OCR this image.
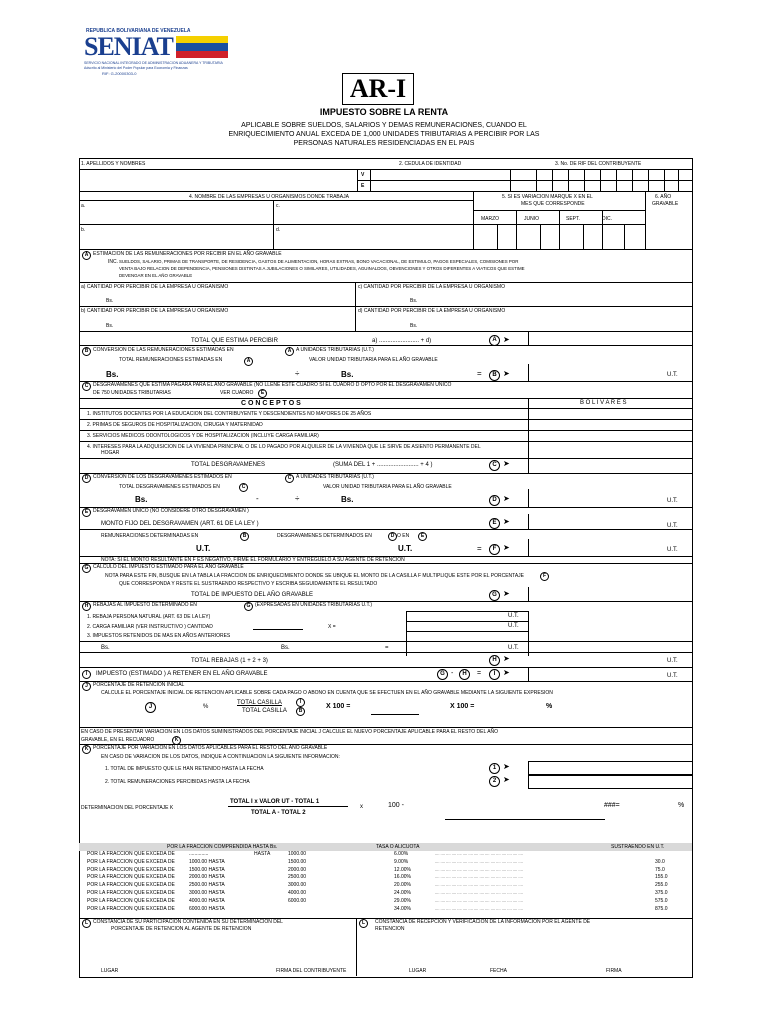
REPUBLICA BOLIVARIANA DE VENEZUELA
SENIAT
SERVICIO NACIONAL INTEGRADO DE ADMINISTRACION ADUANERA Y TRIBUTARIA
Adscrito al Ministerio del Poder Popular para Economia y Finanzas
RIF: G-20000303-0
AR-I
IMPUESTO SOBRE LA RENTA
APLICABLE SOBRE SUELDOS, SALARIOS Y DEMAS REMUNERACIONES, CUANDO EL
ENRIQUECIMIENTO ANUAL EXCEDA DE 1,000 UNIDADES TRIBUTARIAS A PERCIBIR POR LAS
PERSONAS NATURALES RESIDENCIADAS EN EL PAIS
1. APELLIDOS Y NOMBRES	2. CEDULA DE IDENTIDAD	3. No. DE RIF DEL CONTRIBUYENTE
V
E
4. NOMBRE DE LAS EMPRESAS U ORGANISMOS DONDE TRABAJA	5. SI ES VARIACION MARQUE X EN EL
MES QUE CORRESPONDE
6. AÑO
GRAVABLE
a.	c.
b.	d.
MARZO	JUNIO	SEPT.	DIC.
A ESTIMACION DE LAS REMUNERACIONES POR RECIBIR EN EL AÑO GRAVABLE
INC. SUELDOS, SALARIO, PRIMAS DE TRANSPORTE, DE RESIDENCIA, GASTOS DE ALIMENTACION, HORAS EXTRAS, BONO VACACIONAL, DE ESTIMULO, PAGOS ESPECIALES, COMISIONES POR
VENTA BAJO RELACION DE DEPENDENCIA, PENSIONES DISTINTAS A JUBILACIONES O SIMILARES, UTILIDADES, AGUINALDOS, OBVENCIONES Y OTROS DIFERENTES A VIATICOS QUE ESTIME
DEVENGAR EN EL AÑO GRAVABLE
a) CANTIDAD POR PERCIBIR DE LA EMPRESA U ORGANISMO	c) CANTIDAD POR PERCIBIR DE LA EMPRESA U ORGANISMO
Bs.	Bs.
b) CANTIDAD POR PERCIBIR DE LA EMPRESA U ORGANISMO	d) CANTIDAD POR PERCIBIR DE LA EMPRESA U ORGANISMO
Bs.	Bs.
TOTAL QUE ESTIMA PERCIBIR	a) ........................ + d)	A ➤
B CONVERSION DE LAS REMUNERACIONES ESTIMADAS EN	A A UNIDADES TRIBUTARIAS (U.T.)
TOTAL REMUNERACIONES ESTIMADAS EN	A	VALOR UNIDAD TRIBUTARIA PARA EL AÑO GRAVABLE
Bs.	÷	Bs.	=	B ➤	U.T.
C DESGRAVAMENES QUE ESTIMA PAGARA PARA EL AÑO GRAVABLE (NO LLENE ESTE CUADRO SI EL CUADRO D OPTO POR EL DESGRAVAMEN UNICO
DE 750 UNIDADES TRIBUTARIAS	VER CUADRO	E
C O N C E P T O S	B O L I V A R E S
1. INSTITUTOS DOCENTES POR LA EDUCACION DEL CONTRIBUYENTE Y DESCENDIENTES NO MAYORES DE 25 AÑOS
2. PRIMAS DE SEGUROS DE HOSPITALIZACION, CIRUGIA Y MATERNIDAD
3. SERVICIOS MEDICOS ODONTOLOGICOS Y DE HOSPITALIZACION (INCLUYE CARGA FAMILIAR)
4. INTERESES PARA LA ADQUISICION DE LA VIVIENDA PRINCIPAL O DE LO PAGADO POR ALQUILER DE LA VIVIENDA QUE LE SIRVE DE ASIENTO PERMANENTE DEL
HOGAR
TOTAL DESGRAVAMENES	(SUMA DEL 1 + ......................... + 4 )	C ➤
D CONVERSION DE LOS DESGRAVAMENES ESTIMADOS EN	C A UNIDADES TRIBUTARIAS (U.T.)
TOTAL DESGRAVAMENES ESTIMADOS EN	C	VALOR UNIDAD TRIBUTARIA PARA EL AÑO GRAVABLE
Bs.	-	÷	Bs.	D ➤	U.T.
E DESGRAVAMEN UNICO (NO CONSIDERE OTRO DESGRAVAMEN )
MONTO FIJO DEL DESGRAVAMEN (ART. 61 DE LA LEY )	E ➤	U.T.
REMUNERACIONES DETERMINADAS EN	B	DESGRAVAMENES DETERMINADOS EN	D O EN	E
U.T.	U.T.	=	F ➤	U.T.
NOTA: SI EL MONTO RESULTANTE EN F ES NEGATIVO, FIRME EL FORMULARIO Y ENTREGUELO A SU AGENTE DE RETENCION
G CALCULO DEL IMPUESTO ESTIMADO PARA EL AÑO GRAVABLE
NOTA PARA ESTE FIN, BUSQUE EN LA TABLA LA FRACCION DE ENRIQUECIMIENTO DONDE SE UBIQUE EL MONTO DE LA CASILLA F MULTIPLIQUE ESTE POR EL PORCENTAJE	F
QUE CORRESPONDA Y RESTE EL SUSTRAENDO RESPECTIVO Y ESCRIBA SEGUIDAMENTE EL RESULTADO
TOTAL DE IMPUESTO DEL AÑO GRAVABLE	G ➤
H REBAJAS AL IMPUESTO DETERMINADO EN	G (EXPRESADAS EN UNIDADES TRIBUTARIAS U.T.)
1. REBAJA PERSONA NATURAL (ART. 63 DE LA LEY)	U.T.
2. CARGA FAMILIAR (VER INSTRUCTIVO ) CANTIDAD	X =	U.T.
3. IMPUESTOS RETENIDOS DE MAS EN AÑOS ANTERIORES
Bs.	Bs.	=	U.T.
TOTAL REBAJAS (1 + 2 + 3)	H ➤	U.T.
I	IMPUESTO (ESTIMADO ) A RETENER EN EL AÑO GRAVABLE	G -	H	=	I ➤	U.T.
J	PORCENTAJE DE RETENCION INICIAL
CALCULE EL PORCENTAJE INICIAL DE RETENCION APLICABLE SOBRE CADA PAGO O ABONO EN CUENTA QUE SE EFECTUEN EN EL AÑO GRAVABLE MEDIANTE LA SIGUIENTE EXPRESION
J	%
TOTAL CASILLA	I
TOTAL CASILLA	B
X 100 =	X 100 =	%
EN CASO DE PRESENTAR VARIACION EN LOS DATOS SUMINISTRADOS DEL PORCENTAJE INICIAL J CALCULE EL NUEVO PORCENTAJE APLICABLE PARA EL RESTO DEL AÑO
GRAVABLE, EN EL RECUADRO	K
K PORCENTAJE POR VARIACION EN LOS DATOS APLICABLES PARA EL RESTO DEL AÑO GRAVABLE
EN CASO DE VARIACION DE LOS DATOS, INDIQUE A CONTINUACION LA SIGUIENTE INFORMACION:
1. TOTAL DE IMPUESTO QUE LE HAN RETENIDO HASTA LA FECHA	1 ➤
2. TOTAL REMUNERACIONES PERCIBIDAS HASTA LA FECHA	2 ➤
DETERMINACION DEL PORCENTAJE K
TOTAL I x VALOR UT - TOTAL 1
TOTAL A - TOTAL 2
x	100 -	###=	%
POR LA FRACCION COMPRENDIDA HASTA Bs.	TASA O ALICUOTA	SUSTRAENDO EN U.T.
POR LA FRACCION QUE EXCEDA DE	..............	HASTA	1000.00	6.00%	.... .... .... .... .... .... .... .... .... .... .... .... .... .... .... ....
POR LA FRACCION QUE EXCEDA DE	1000.00 HASTA	1500.00	9.00%	.... .... .... .... .... .... .... .... .... .... .... .... .... .... .... ....	30.0
POR LA FRACCION QUE EXCEDA DE	1500.00 HASTA	2000.00	12.00%	.... .... .... .... .... .... .... .... .... .... .... .... .... .... .... ....	75.0
POR LA FRACCION QUE EXCEDA DE	2000.00 HASTA	2500.00	16.00%	.... .... .... .... .... .... .... .... .... .... .... .... .... .... .... ....	155.0
POR LA FRACCION QUE EXCEDA DE	2500.00 HASTA	3000.00	20.00%	.... .... .... .... .... .... .... .... .... .... .... .... .... .... .... ....	255.0
POR LA FRACCION QUE EXCEDA DE	3000.00 HASTA	4000.00	24.00%	.... .... .... .... .... .... .... .... .... .... .... .... .... .... .... ....	375.0
POR LA FRACCION QUE EXCEDA DE	4000.00 HASTA	6000.00	29.00%	.... .... .... .... .... .... .... .... .... .... .... .... .... .... .... ....	575.0
POR LA FRACCION QUE EXCEDA DE	6000.00 HASTA	34.00%	.... .... .... .... .... .... .... .... .... .... .... .... .... .... .... ....	875.0
L CONSTANCIA DE SU PARTICIPACION CONTENIDA EN SU DETERMINACION DEL
PORCENTAJE DE RETENCION AL AGENTE DE RETENCION
L	CONSTANCIA DE RECEPCION Y VERIFICACION DE LA INFORMACION POR EL AGENTE DE
RETENCION
LUGAR	FIRMA DEL CONTRIBUYENTE	LUGAR	FECHA	FIRMA
